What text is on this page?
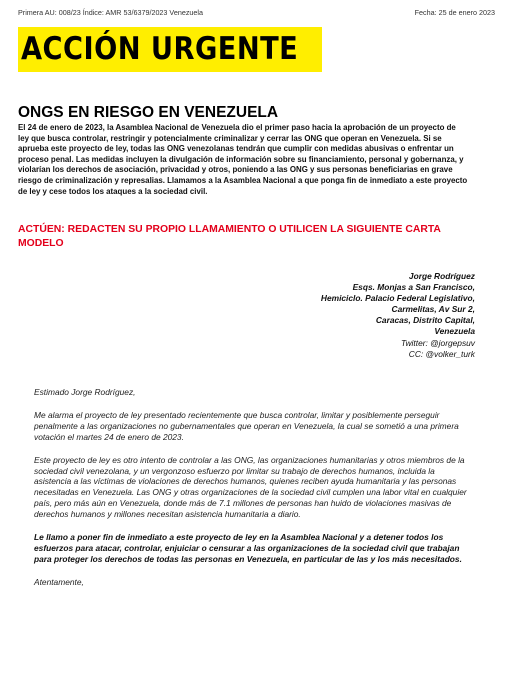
Primera AU: 008/23 Índice: AMR 53/6379/2023 Venezuela	Fecha: 25 de enero 2023
ACCIÓN URGENTE
ONGS EN RIESGO EN VENEZUELA
El 24 de enero de 2023, la Asamblea Nacional de Venezuela dio el primer paso hacia la aprobación de un proyecto de ley que busca controlar, restringir y potencialmente criminalizar y cerrar las ONG que operan en Venezuela. Si se aprueba este proyecto de ley, todas las ONG venezolanas tendrán que cumplir con medidas abusivas o enfrentar un proceso penal. Las medidas incluyen la divulgación de información sobre su financiamiento, personal y gobernanza, y violarían los derechos de asociación, privacidad y otros, poniendo a las ONG y sus personas beneficiarias en grave riesgo de criminalización y represalias. Llamamos a la Asamblea Nacional a que ponga fin de inmediato a este proyecto de ley y cese todos los ataques a la sociedad civil.
ACTÚEN: REDACTEN SU PROPIO LLAMAMIENTO O UTILICEN LA SIGUIENTE CARTA MODELO
Jorge Rodríguez
Esqs. Monjas a San Francisco,
Hemiciclo. Palacio Federal Legislativo,
Carmelitas, Av Sur 2,
Caracas, Distrito Capital,
Venezuela
Twitter: @jorgepsuv
CC: @volker_turk

Estimado Jorge Rodríguez,

Me alarma el proyecto de ley presentado recientemente que busca controlar, limitar y posiblemente perseguir penalmente a las organizaciones no gubernamentales que operan en Venezuela, la cual se sometió a una primera votación el martes 24 de enero de 2023.

Este proyecto de ley es otro intento de controlar a las ONG, las organizaciones humanitarias y otros miembros de la sociedad civil venezolana, y un vergonzoso esfuerzo por limitar su trabajo de derechos humanos, incluida la asistencia a las víctimas de violaciones de derechos humanos, quienes reciben ayuda humanitaria y las personas necesitadas en Venezuela. Las ONG y otras organizaciones de la sociedad civil cumplen una labor vital en cualquier país, pero más aún en Venezuela, donde más de 7.1 millones de personas han huido de violaciones masivas de derechos humanos y millones necesitan asistencia humanitaria a diario.

Le llamo a poner fin de inmediato a este proyecto de ley en la Asamblea Nacional y a detener todos los esfuerzos para atacar, controlar, enjuiciar o censurar a las organizaciones de la sociedad civil que trabajan para proteger los derechos de todas las personas en Venezuela, en particular de las y los más necesitados.

Atentamente,
